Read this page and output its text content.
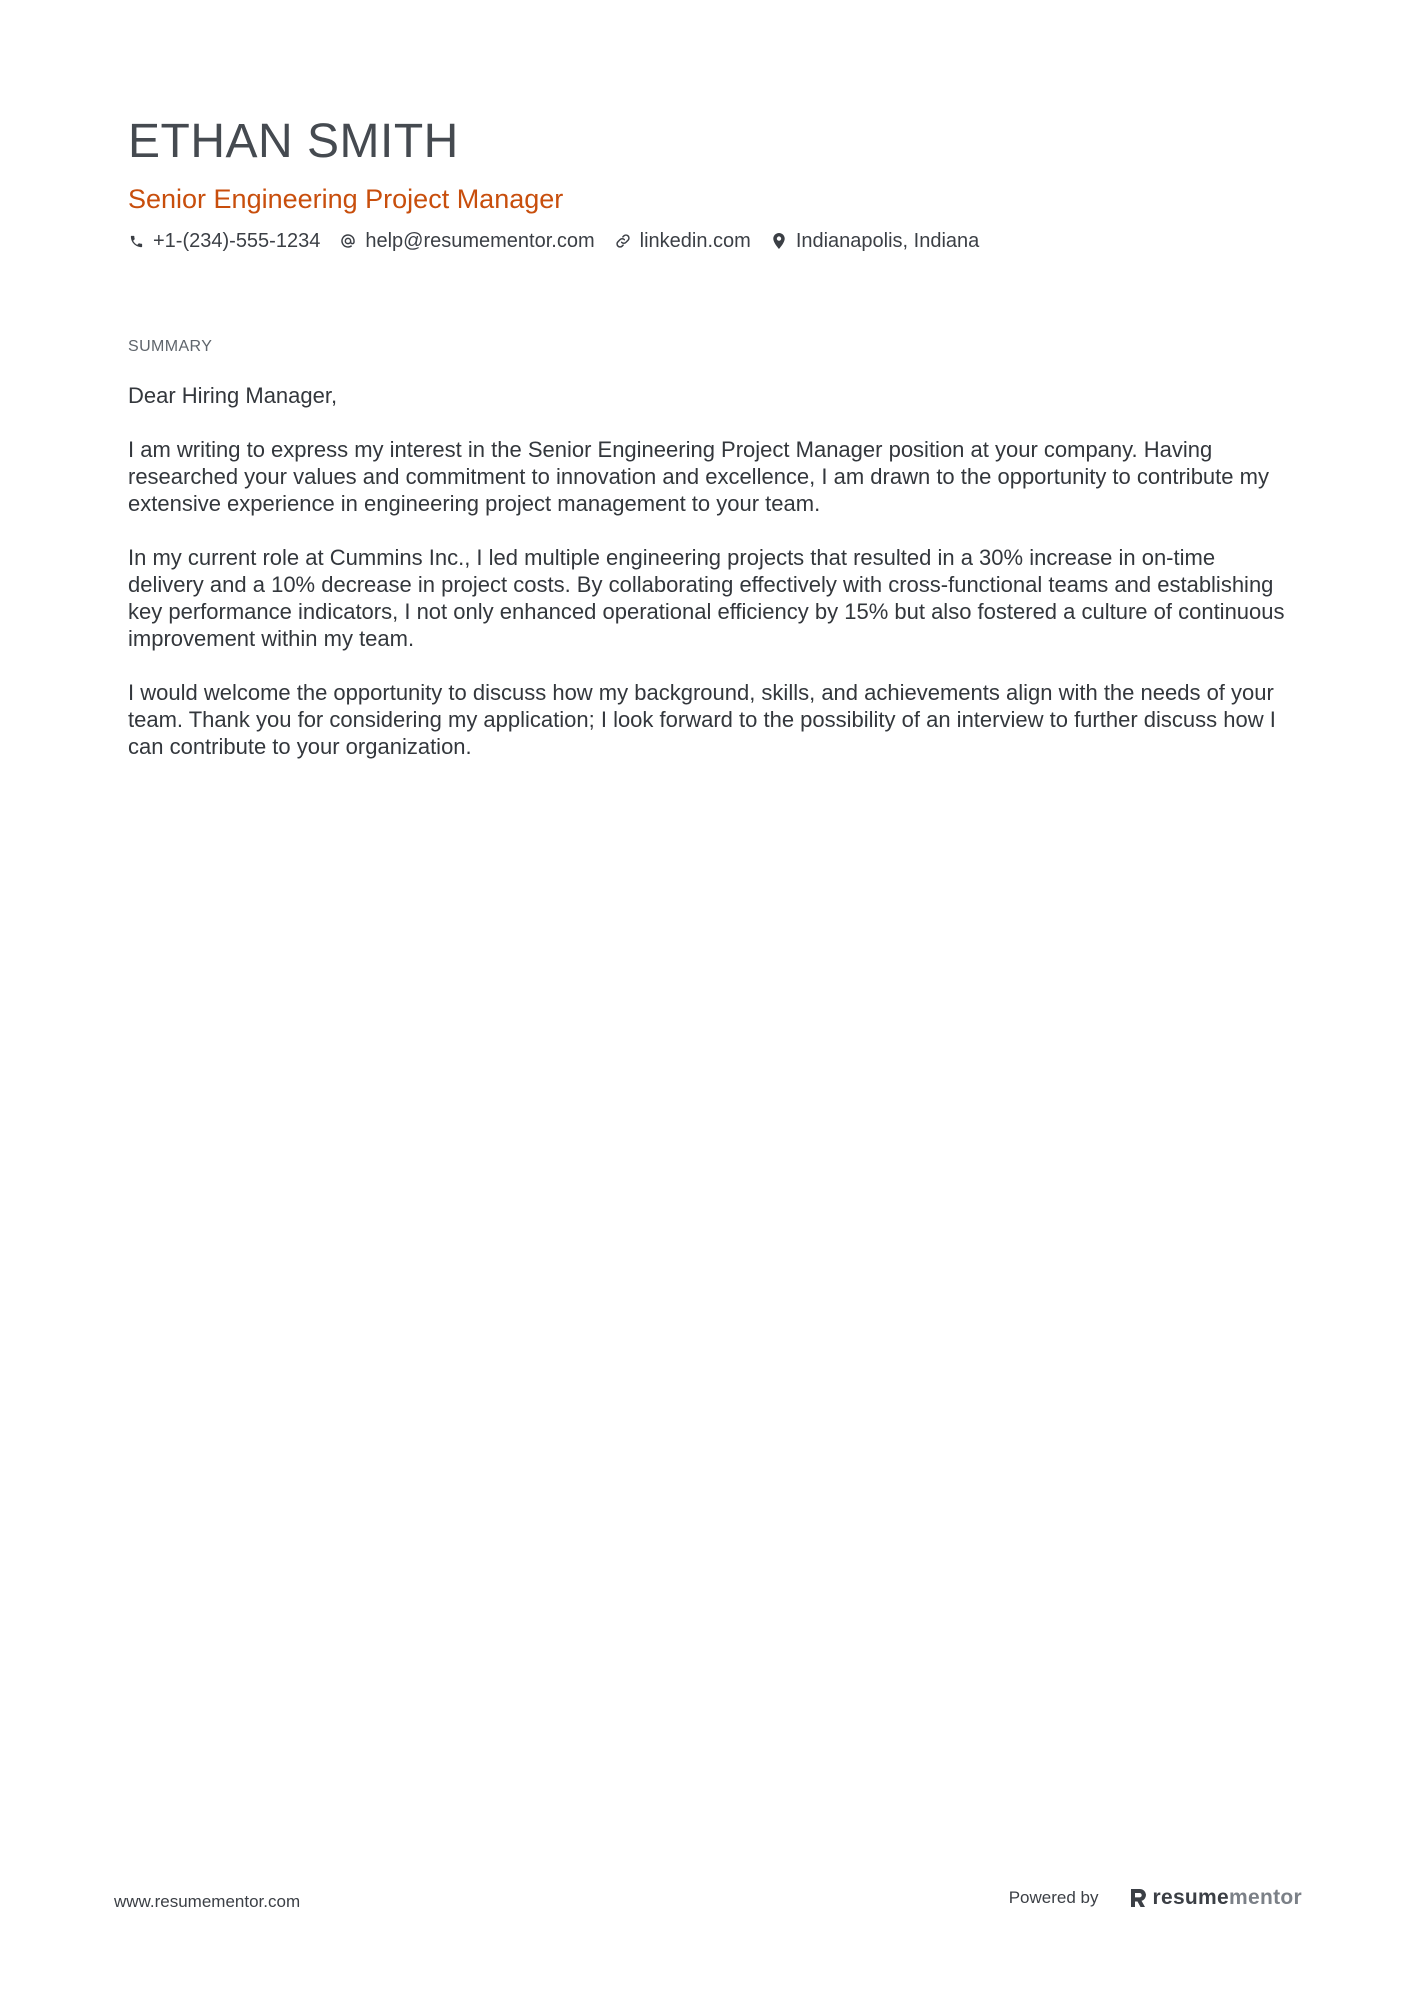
ETHAN SMITH
Senior Engineering Project Manager
+1-(234)-555-1234 help@resumementor.com linkedin.com Indianapolis, Indiana
SUMMARY

Dear Hiring Manager,

I am writing to express my interest in the Senior Engineering Project Manager position at your company. Having researched your values and commitment to innovation and excellence, I am drawn to the opportunity to contribute my extensive experience in engineering project management to your team.

In my current role at Cummins Inc., I led multiple engineering projects that resulted in a 30% increase in on-time delivery and a 10% decrease in project costs. By collaborating effectively with cross-functional teams and establishing key performance indicators, I not only enhanced operational efficiency by 15% but also fostered a culture of continuous improvement within my team.

I would welcome the opportunity to discuss how my background, skills, and achievements align with the needs of your team. Thank you for considering my application; I look forward to the possibility of an interview to further discuss how I can contribute to your organization.

www.resumementor.com	Powered by	resume mentor
